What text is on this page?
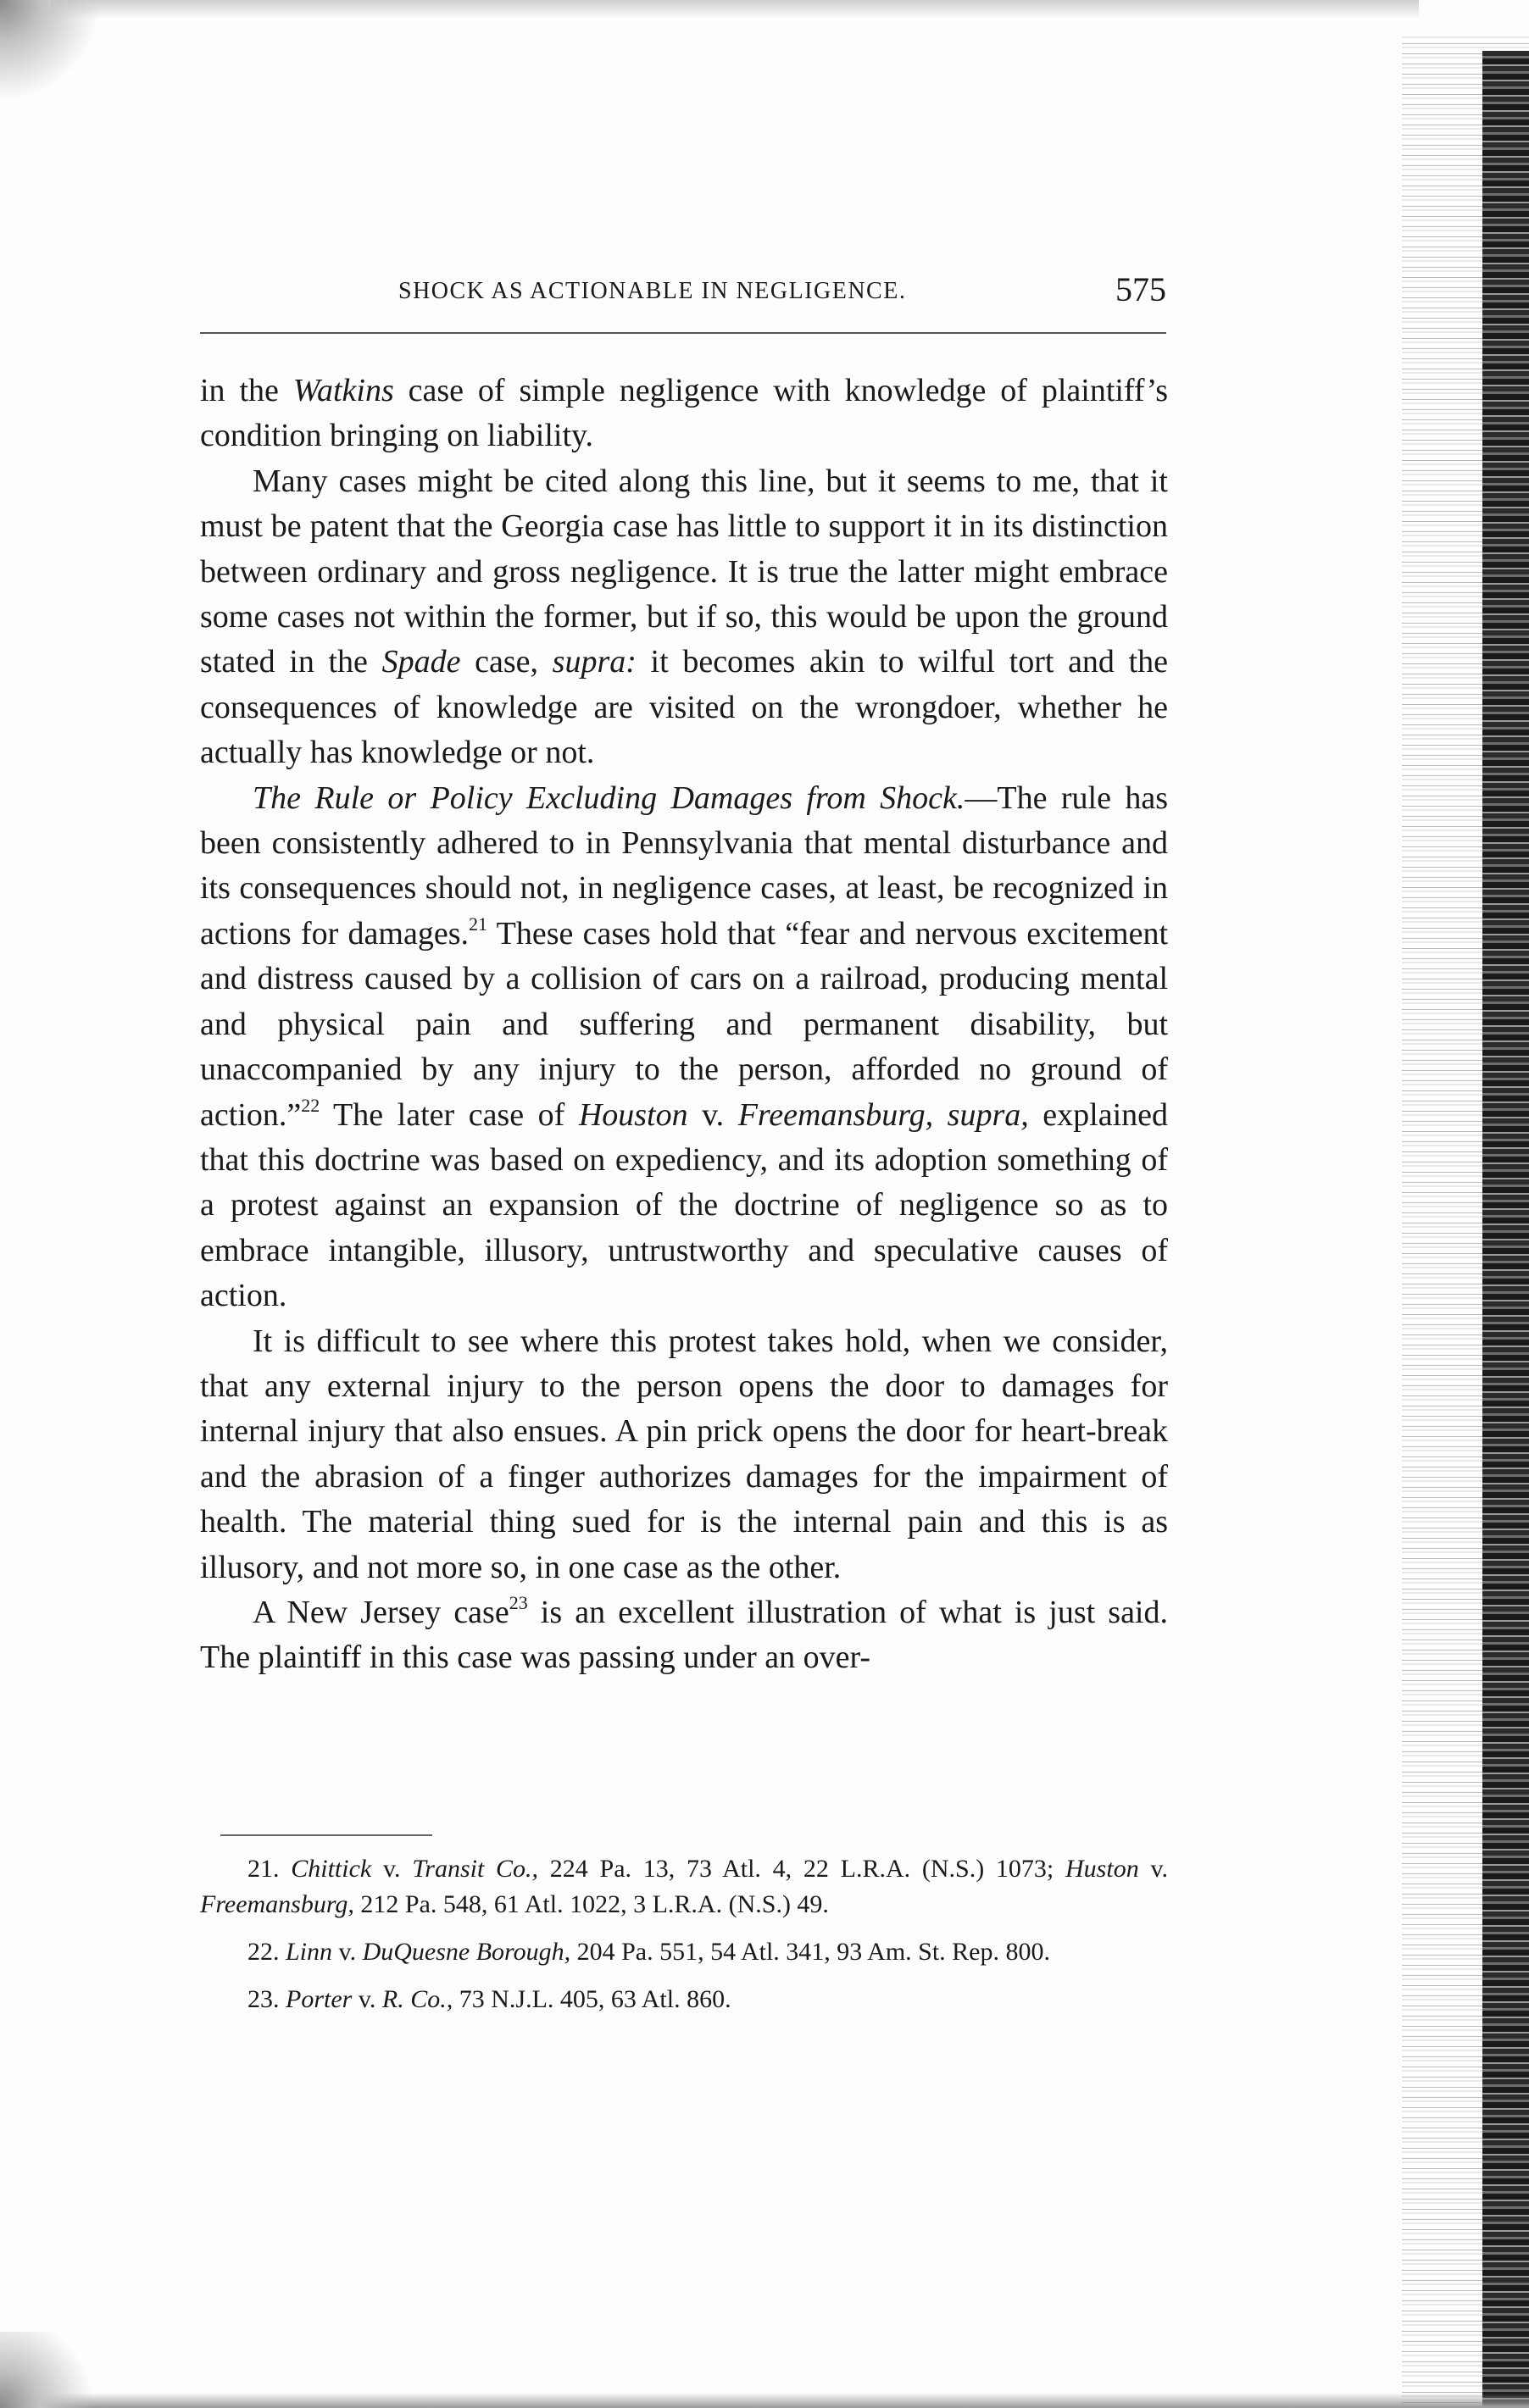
SHOCK AS ACTIONABLE IN NEGLIGENCE.	575

in the Watkins case of simple negligence with knowledge of plaintiff’s condition bringing on liability.

Many cases might be cited along this line, but it seems to me, that it must be patent that the Georgia case has little to support it in its distinction between ordinary and gross negligence. It is true the latter might embrace some cases not within the former, but if so, this would be upon the ground stated in the Spade case, supra: it becomes akin to wilful tort and the consequences of knowledge are visited on the wrongdoer, whether he actually has knowledge or not.

The Rule or Policy Excluding Damages from Shock.—The rule has been consistently adhered to in Pennsylvania that mental disturbance and its consequences should not, in negligence cases, at least, be recognized in actions for damages.$^{21}$ These cases hold that “fear and nervous excitement and distress caused by a collision of cars on a railroad, producing mental and physical pain and suffering and permanent disability, but unaccompanied by any injury to the person, afforded no ground of action.”$^{22}$ The later case of Houston v. Freemansburg, supra, explained that this doctrine was based on expediency, and its adoption something of a protest against an expansion of the doctrine of negligence so as to embrace intangible, illusory, untrustworthy and speculative causes of action.

It is difficult to see where this protest takes hold, when we consider, that any external injury to the person opens the door to damages for internal injury that also ensues. A pin prick opens the door for heart-break and the abrasion of a finger authorizes damages for the impairment of health. The material thing sued for is the internal pain and this is as illusory, and not more so, in one case as the other.

A New Jersey case$^{23}$ is an excellent illustration of what is just said. The plaintiff in this case was passing under an over-

21. Chittick v. Transit Co., 224 Pa. 13, 73 Atl. 4, 22 L.R.A. (N.S.) 1073; Huston v. Freemansburg, 212 Pa. 548, 61 Atl. 1022, 3 L.R.A. (N.S.) 49.

22. Linn v. DuQuesne Borough, 204 Pa. 551, 54 Atl. 341, 93 Am. St. Rep. 800.

23. Porter v. R. Co., 73 N.J.L. 405, 63 Atl. 860.
